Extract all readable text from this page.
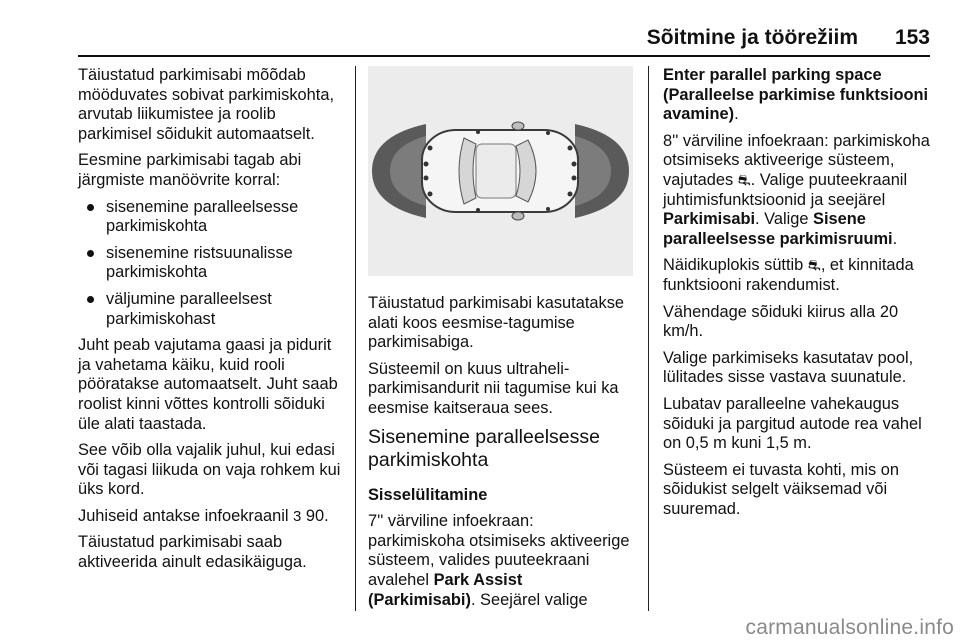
Sõitmine ja töörežiim 153

Täiustatud parkimisabi mõõdab mööduvates sobivat parkimiskohta, arvutab liikumistee ja roolib parkimisel sõidukit automaatselt.

Eesmine parkimisabi tagab abi järgmiste manöövrite korral:

sisenemine paralleelsesse parkimiskohta
sisenemine ristsuunalisse parkimiskohta
väljumine paralleelsest parkimiskohast

Juht peab vajutama gaasi ja pidurit ja vahetama käiku, kuid rooli pööratakse automaatselt. Juht saab roolist kinni võttes kontrolli sõiduki üle alati taastada.

See võib olla vajalik juhul, kui edasi või tagasi liikuda on vaja rohkem kui üks kord.

Juhiseid antakse infoekraanil 3 90.

Täiustatud parkimisabi saab aktiveerida ainult edasikäiguga.

Täiustatud parkimisabi kasutatakse alati koos eesmise-tagumise parkimisabiga.

Süsteemil on kuus ultraheli-parkimisandurit nii tagumise kui ka eesmise kaitseraua sees.

Sisenemine paralleelsesse parkimiskohta

Sisselülitamine

7'' värviline infoekraan: parkimiskoha otsimiseks aktiveerige süsteem, valides puuteekraani avalehel Park Assist (Parkimisabi). Seejärel valige

Enter parallel parking space (Paralleelse parkimise funktsiooni avamine).

8'' värviline infoekraan: parkimiskoha otsimiseks aktiveerige süsteem, vajutades ⛐. Valige puuteekraanil juhtimisfunktsioonid ja seejärel Parkimisabi. Valige Sisene paralleelsesse parkimisruumi.

Näidikuplokis süttib ⛐, et kinnitada funktsiooni rakendumist.

Vähendage sõiduki kiirus alla 20 km/h.

Valige parkimiseks kasutatav pool, lülitades sisse vastava suunatule.

Lubatav paralleelne vahekaugus sõiduki ja pargitud autode rea vahel on 0,5 m kuni 1,5 m.

Süsteem ei tuvasta kohti, mis on sõidukist selgelt väiksemad või suuremad.

carmanualsonline.info
